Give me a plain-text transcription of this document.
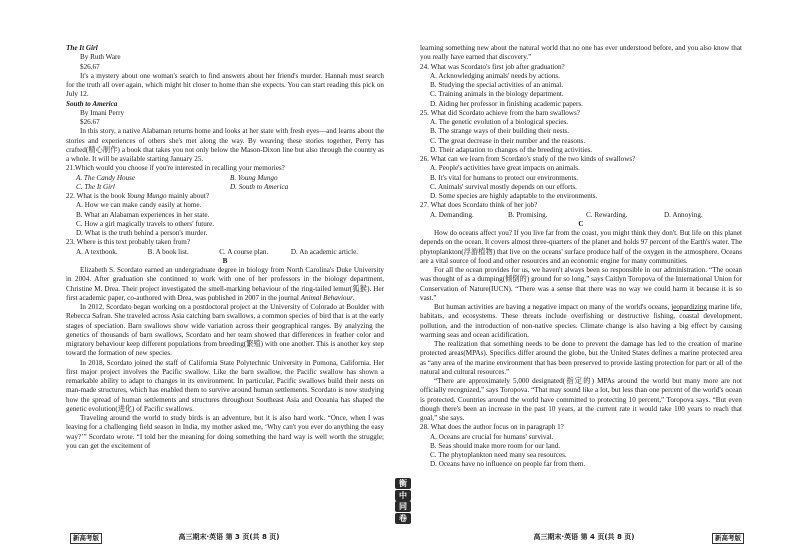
The It Girl

By Ruth Ware

$26.67

It's a mystery about one woman's search to find answers about her friend's murder. Hannah must search for the truth all over again, which might hit closer to home than she expects. You can start reading this pick on July 12.

South to America

By Imani Perry

$26.67

In this story, a native Alabaman returns home and looks at her state with fresh eyes—and learns about the stories and experiences of others she's met along the way. By weaving these stories together, Perry has crafted(精心制作) a book that takes you not only below the Mason-Dixon line but also through the country as a whole. It will be available starting January 25.

21.Which would you choose if you're interested in recalling your memories?

A. The Candy House	B. Young Mungo
C. The It Girl	D. South to America

22. What is the book Young Mungo mainly about?

A. How we can make candy easily at home.

B. What an Alabaman experiences in her state.

C. How a girl magically travels to others' future.

D. What is the truth behind a person's murder.

23. Where is this text probably taken from?

A. A textbook.	B. A book list.	C. A course plan.	D. An academic article.

B

Elizabeth S. Scordato earned an undergraduate degree in biology from North Carolina's Duke University in 2004. After graduation she continued to work with one of her professors in the biology department, Christine M. Drea. Their project investigated the smell-marking behaviour of the ring-tailed lemur(狐猴). Her first academic paper, co-authored with Drea, was published in 2007 in the journal Animal Behaviour.

In 2012, Scordato began working on a postdoctoral project at the University of Colorado at Boulder with Rebecca Safran. She traveled across Asia catching barn swallows, a common species of bird that is at the early stages of speciation. Barn swallows show wide variation across their geographical ranges. By analyzing the genetics of thousands of barn swallows, Scordato and her team showed that differences in feather color and migratory behaviour keep different populations from breeding(繁殖) with one another. This is another key step toward the formation of new species.

In 2018, Scordato joined the staff of California State Polytechnic University in Pomona, California. Her first major project involves the Pacific swallow. Like the barn swallow, the Pacific swallow has shown a remarkable ability to adapt to changes in its environment. In particular, Pacific swallows build their nests on man-made structures, which has enabled them to survive around human settlements. Scordato is now studying how the spread of human settlements and structures throughout Southeast Asia and Oceania has shaped the genetic evolution(进化) of Pacific swallows.

Traveling around the world to study birds is an adventure, but it is also hard work. “Once, when I was leaving for a challenging field season in India, my mother asked me, ‘Why can't you ever do anything the easy way?’” Scordato wrote. “I told her the meaning for doing something the hard way is well worth the struggle; you can get the excitement of

learning something new about the natural world that no one has ever understood before, and you also know that you really have earned that discovery.”

24. What was Scordato's first job after graduation?

A. Acknowledging animals' needs by actions.

B. Studying the special activities of an animal.

C. Training animals in the biology department.

D. Aiding her professor in finishing academic papers.

25. What did Scordato achieve from the barn swallows?

A. The genetic evolution of a biological species.

B. The strange ways of their building their nests.

C. The great decrease in their number and the reasons.

D. Their adaptation to changes of the breeding activities.

26. What can we learn from Scordato's study of the two kinds of swallows?

A. People's activities have great impacts on animals.

B. It's vital for humans to protect our environments.

C. Animals' survival mostly depends on our efforts.

D. Some species are highly adaptable to the environments.

27. What does Scordato think of her job?

A. Demanding.	B. Promising.	C. Rewarding.	D. Annoying.

C

How do oceans affect you? If you live far from the coast, you might think they don't. But life on this planet depends on the ocean. It covers almost three-quarters of the planet and holds 97 percent of the Earth's water. The phytoplankton(浮游植物) that live on the oceans' surface produce half of the oxygen in the atmosphere. Oceans are a vital source of food and other resources and an economic engine for many communities.

For all the ocean provides for us, we haven't always been so responsible in our administration. “The ocean was thought of as a dumping(倾倒的) ground for so long,” says Caitlyn Toropova of the International Union for Conservation of Nature(IUCN). “There was a sense that there was no way we could harm it because it is so vast.”

But human activities are having a negative impact on many of the world's oceans, jeopardizing marine life, habitats, and ecosystems. These threats include overfishing or destructive fishing, coastal development, pollution, and the introduction of non-native species. Climate change is also having a big effect by causing warming seas and ocean acidification.

The realization that something needs to be done to prevent the damage has led to the creation of marine protected areas(MPAs). Specifics differ around the globe, but the United States defines a marine protected area as “any area of the marine environment that has been preserved to provide lasting protection for part or all of the natural and cultural resources.”

“There are approximately 5,000 designated(指定的) MPAs around the world but many more are not officially recognized,” says Toropova. “That may sound like a lot, but less than one percent of the world's ocean is protected. Countries around the world have committed to protecting 10 percent,” Toropova says. “But even though there's been an increase in the past 10 years, at the current rate it would take 100 years to reach that goal,” she says.

28. What does the author focus on in paragraph 1?

A. Oceans are crucial for humans' survival.

B. Seas should make more room for our land.

C. The phytoplankton need many sea resources.

D. Oceans have no influence on people far from them.

衡
中
同
卷
新高考版	高三期末·英语 第 3 页(共 8 页)	高三期末·英语 第 4 页(共 8 页)	新高考版
